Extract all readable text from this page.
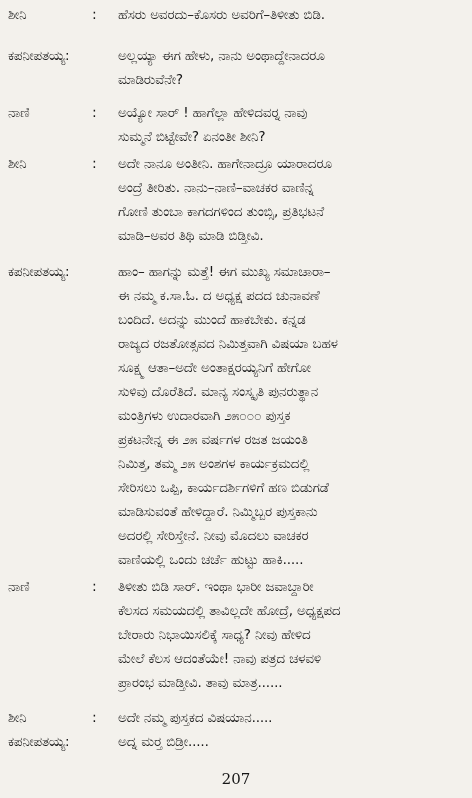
ಶೀನಿ	: ಹೆಸರು ಅವರದು–ಕೊಸರು ಅವರಿಗೆ–ತಿಳೀತು ಬಿಡಿ.
ಕಪನೀಪತಯ್ಯ:	ಅಲ್ಲಯ್ಯಾ ಈಗ ಹೇಳು, ನಾನು ಅಂಥಾದ್ದೇನಾದರೂ
ಮಾಡಿರುವೆನೇ?
ನಾಣಿ	: ಅಯ್ಯೋ ಸಾರ್ ! ಹಾಗೆಲ್ಲಾ ಹೇಳಿದವರ‍್ನ ನಾವು
ಸುಮ್ಮನೆ ಬಿಟ್ಟೇವೇ? ಏನಂತೀ ಶೀನಿ?
ಶೀನಿ	: ಅದೇ ನಾನೂ ಅಂತೀನಿ. ಹಾಗೇನಾದ್ರೂ ಯಾರಾದರೂ
ಅಂದ್ರೆ ತೀರಿತು. ನಾನು–ನಾಣಿ–ವಾಚಕರ ವಾಣಿನ್ನ
ಗೋಣಿ ತುಂಬಾ ಕಾಗದಗಳಿಂದ ತುಂಬ್ಸಿ, ಪ್ರತಿಭಟನೆ
ಮಾಡಿ–ಅವರ ತಿಥಿ ಮಾಡಿ ಬಿಡ್ತೀವಿ.
ಕಪನೀಪತಯ್ಯ:	ಹಾಂ– ಹಾಗನ್ನು ಮತ್ತೆ! ಈಗ ಮುಖ್ಯ ಸಮಾಚಾರಾ–
ಈ ನಮ್ಮ ಕ.ಸಾ.ಓ. ದ ಅಧ್ಯಕ್ಷ ಪದದ ಚುನಾವಣೆ
ಬಂದಿದೆ. ಅದನ್ನು ಮುಂದೆ ಹಾಕಬೇಕು. ಕನ್ನಡ
ರಾಜ್ಯದ ರಜತೋತ್ಸವದ ನಿಮಿತ್ತವಾಗಿ ವಿಷಯಾ ಬಹಳ
ಸೂಕ್ಷ್ಮ ಆತಾ–ಅದೇ ಅಂತಾಕ್ಷರಯ್ಯನಿಗೆ ಹೇಗೋ
ಸುಳಿವು ದೊರೆತಿದೆ. ಮಾನ್ಯ ಸಂಸ್ಕೃತಿ ಪುನರುತ್ಥಾನ
ಮಂತ್ರಿಗಳು ಉದಾರವಾಗಿ ೨೫೦೦೦ ಪುಸ್ತಕ
ಪ್ರಕಟನೇನ್ನ ಈ ೨೫ ವರ್ಷಗಳ ರಜತ ಜಯಂತಿ
ನಿಮಿತ್ತ, ತಮ್ಮ ೨೫ ಅಂಶಗಳ ಕಾರ್ಯಕ್ರಮದಲ್ಲಿ
ಸೇರಿಸಲು ಒಪ್ಪಿ, ಕಾರ್ಯದರ್ಶಿಗಳಿಗೆ ಹಣ ಬಿಡುಗಡೆ
ಮಾಡಿಸುವಂತೆ ಹೇಳಿದ್ದಾರೆ. ನಿಮ್ಮಿಬ್ಬರ ಪುಸ್ತಕಾನು
ಅದರಲ್ಲಿ ಸೇರಿಸ್ತೇನೆ. ನೀವು ಮೊದಲು ವಾಚಕರ
ವಾಣಿಯಲ್ಲಿ ಒಂದು ಚರ್ಚೆ ಹುಟ್ಟು ಹಾಕಿ.....
ನಾಣಿ	: ತಿಳೀತು ಬಿಡಿ ಸಾರ್. ಇಂಥಾ ಭಾರೀ ಜವಾಬ್ದಾರೀ
ಕೆಲಸದ ಸಮಯದಲ್ಲಿ ತಾವಿಲ್ಲದೇ ಹೋದ್ರೆ, ಅಧ್ಯಕ್ಷಪದ
ಬೇರಾರು ನಿಭಾಯಿಸಲಿಕ್ಕೆ ಸಾಧ್ಯ? ನೀವು ಹೇಳಿದ
ಮೇಲೆ ಕೆಲಸ ಆದಂತೆಯೇ! ನಾವು ಪತ್ರದ ಚಳವಳಿ
ಪ್ರಾರಂಭ ಮಾಡ್ತೀವಿ. ತಾವು ಮಾತ್ರ......
ಶೀನಿ	: ಅದೇ ನಮ್ಮ ಪುಸ್ತಕದ ವಿಷಯಾನ.....
ಕಪನೀಪತಯ್ಯ:	ಅದ್ನ ಮರ‍್ತ ಬಿಡ್ರೀ.....
207
